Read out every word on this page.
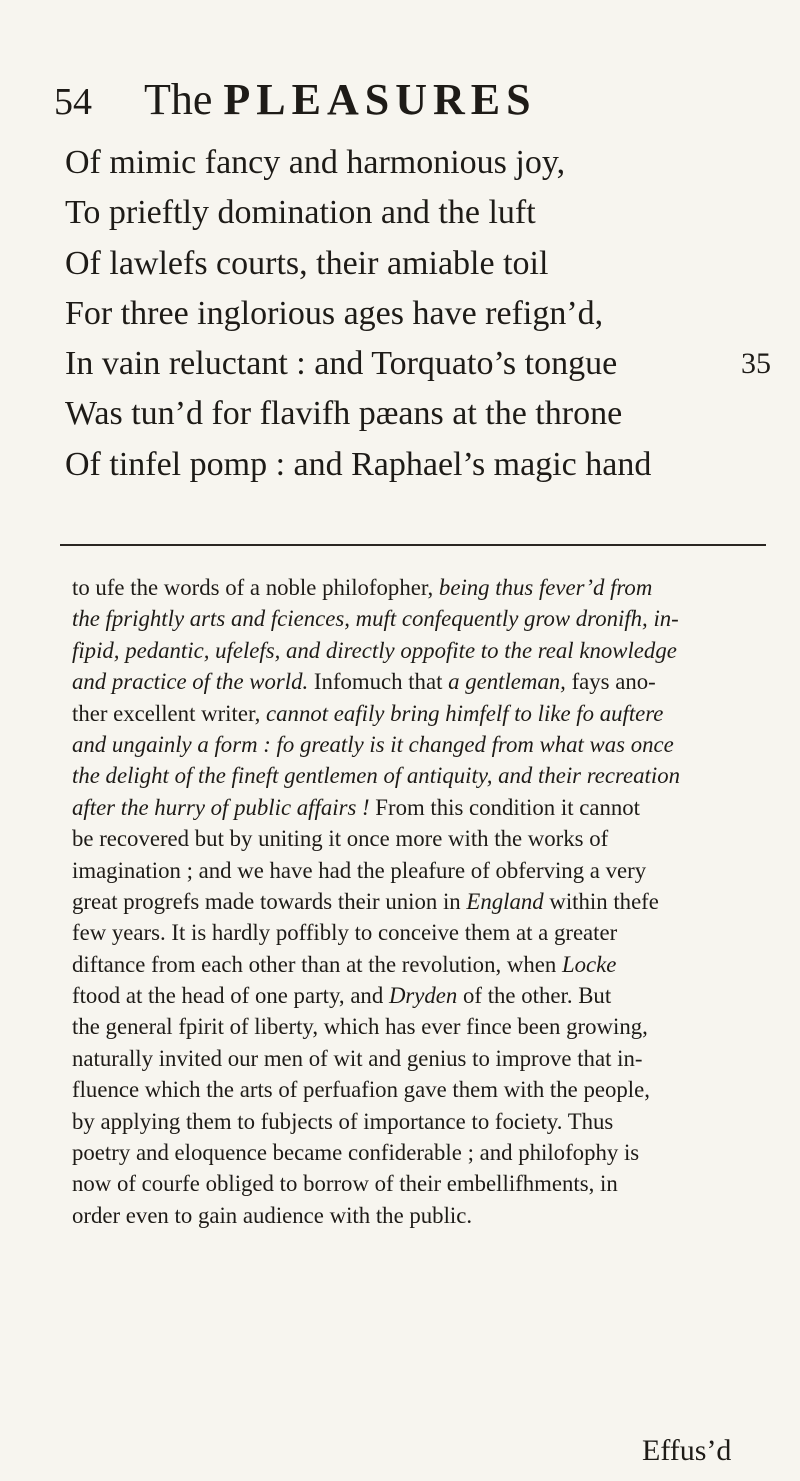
54 The PLEASURES
Of mimic fancy and harmonious joy,
To prieftly domination and the luft
Of lawlefs courts, their amiable toil
For three inglorious ages have refign’d,
In vain reluctant : and Torquato’s tongue	35
Was tun’d for flavifh pæans at the throne
Of tinfel pomp : and Raphael’s magic hand
to ufe the words of a noble philofopher, being thus fever’d from
the fprightly arts and fciences, muft confequently grow dronifh, in-
fipid, pedantic, ufelefs, and directly oppofite to the real knowledge
and practice of the world. Infomuch that a gentleman, fays ano-
ther excellent writer, cannot eafily bring himfelf to like fo auftere
and ungainly a form : fo greatly is it changed from what was once
the delight of the fineft gentlemen of antiquity, and their recreation
after the hurry of public affairs ! From this condition it cannot
be recovered but by uniting it once more with the works of
imagination ; and we have had the pleafure of obferving a very
great progrefs made towards their union in England within thefe
few years. It is hardly poffibly to conceive them at a greater
diftance from each other than at the revolution, when Locke
ftood at the head of one party, and Dryden of the other. But
the general fpirit of liberty, which has ever fince been growing,
naturally invited our men of wit and genius to improve that in-
fluence which the arts of perfuafion gave them with the people,
by applying them to fubjects of importance to fociety. Thus
poetry and eloquence became confiderable ; and philofophy is
now of courfe obliged to borrow of their embellifhments, in
order even to gain audience with the public.
Effus’d
